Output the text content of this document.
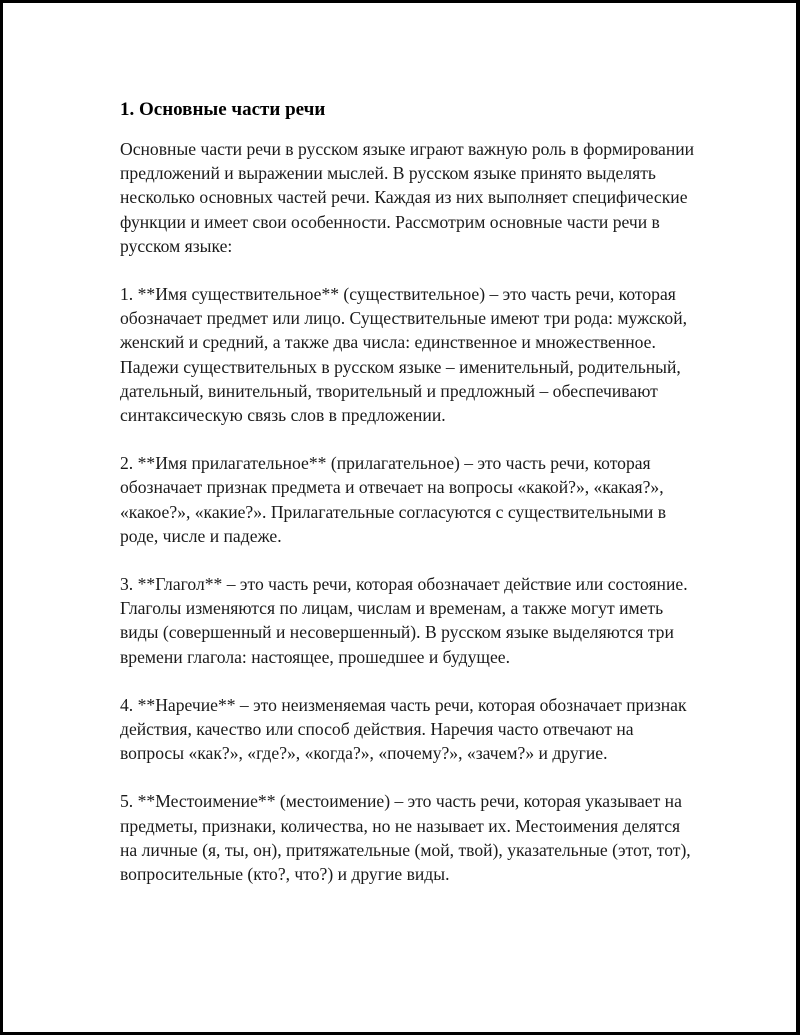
1. Основные части речи

Основные части речи в русском языке играют важную роль в формировании предложений и выражении мыслей. В русском языке принято выделять несколько основных частей речи. Каждая из них выполняет специфические функции и имеет свои особенности. Рассмотрим основные части речи в русском языке:

1. **Имя существительное** (существительное) – это часть речи, которая обозначает предмет или лицо. Существительные имеют три рода: мужской, женский и средний, а также два числа: единственное и множественное. Падежи существительных в русском языке – именительный, родительный, дательный, винительный, творительный и предложный – обеспечивают синтаксическую связь слов в предложении.

2. **Имя прилагательное** (прилагательное) – это часть речи, которая обозначает признак предмета и отвечает на вопросы «какой?», «какая?», «какое?», «какие?». Прилагательные согласуются с существительными в роде, числе и падеже.

3. **Глагол** – это часть речи, которая обозначает действие или состояние. Глаголы изменяются по лицам, числам и временам, а также могут иметь виды (совершенный и несовершенный). В русском языке выделяются три времени глагола: настоящее, прошедшее и будущее.

4. **Наречие** – это неизменяемая часть речи, которая обозначает признак действия, качество или способ действия. Наречия часто отвечают на вопросы «как?», «где?», «когда?», «почему?», «зачем?» и другие.

5. **Местоимение** (местоимение) – это часть речи, которая указывает на предметы, признаки, количества, но не называет их. Местоимения делятся на личные (я, ты, он), притяжательные (мой, твой), указательные (этот, тот), вопросительные (кто?, что?) и другие виды.
